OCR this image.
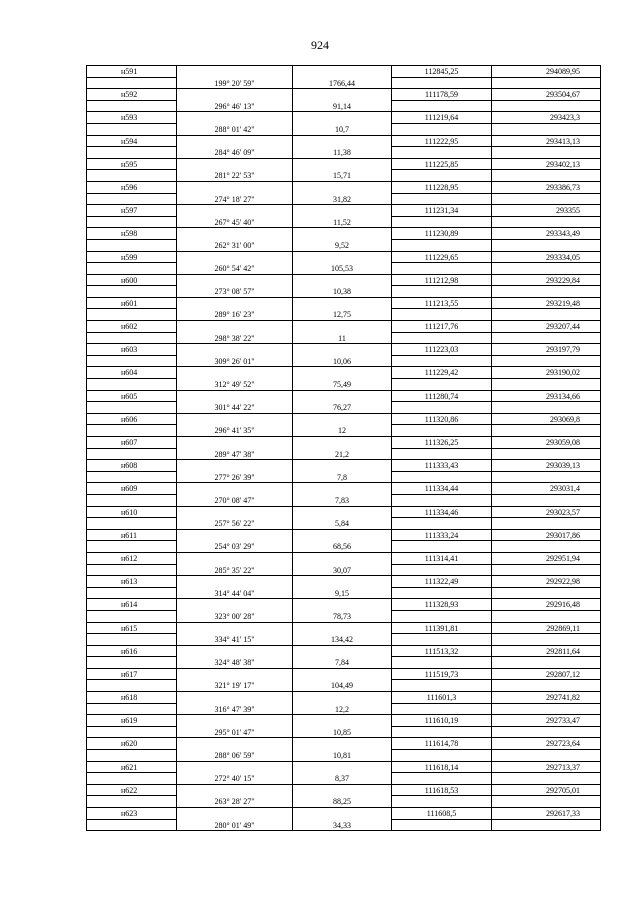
924
н591	112845,25	294089,95
199° 20' 59"	1766,44
н592	111178,59	293504,67
296° 46' 13"	91,14
н593	111219,64	293423,3
288° 01' 42"	10,7
н594	111222,95	293413,13
284° 46' 09"	11,38
н595	111225,85	293402,13
281° 22' 53"	15,71
н596	111228,95	293386,73
274° 18' 27"	31,82
н597	111231,34	293355
267° 45' 40"	11,52
н598	111230,89	293343,49
262° 31' 00"	9,52
н599	111229,65	293334,05
260° 54' 42"	105,53
н600	111212,98	293229,84
273° 08' 57"	10,38
н601	111213,55	293219,48
289° 16' 23"	12,75
н602	111217,76	293207,44
298° 38' 22"	11
н603	111223,03	293197,79
309° 26' 01"	10,06
н604	111229,42	293190,02
312° 49' 52"	75,49
н605	111280,74	293134,66
301° 44' 22"	76,27
н606	111320,86	293069,8
296° 41' 35"	12
н607	111326,25	293059,08
289° 47' 38"	21,2
н608	111333,43	293039,13
277° 26' 39"	7,8
н609	111334,44	293031,4
270° 08' 47"	7,83
н610	111334,46	293023,57
257° 56' 22"	5,84
н611	111333,24	293017,86
254° 03' 29"	68,56
н612	111314,41	292951,94
285° 35' 22"	30,07
н613	111322,49	292922,98
314° 44' 04"	9,15
н614	111328,93	292916,48
323° 00' 28"	78,73
н615	111391,81	292869,11
334° 41' 15"	134,42
н616	111513,32	292811,64
324° 48' 38"	7,84
н617	111519,73	292807,12
321° 19' 17"	104,49
н618	111601,3	292741,82
316° 47' 39"	12,2
н619	111610,19	292733,47
295° 01' 47"	10,85
н620	111614,78	292723,64
288° 06' 59"	10,81
н621	111618,14	292713,37
272° 40' 15"	8,37
н622	111618,53	292705,01
263° 28' 27"	88,25
н623	111608,5	292617,33
280° 01' 49"	34,33
